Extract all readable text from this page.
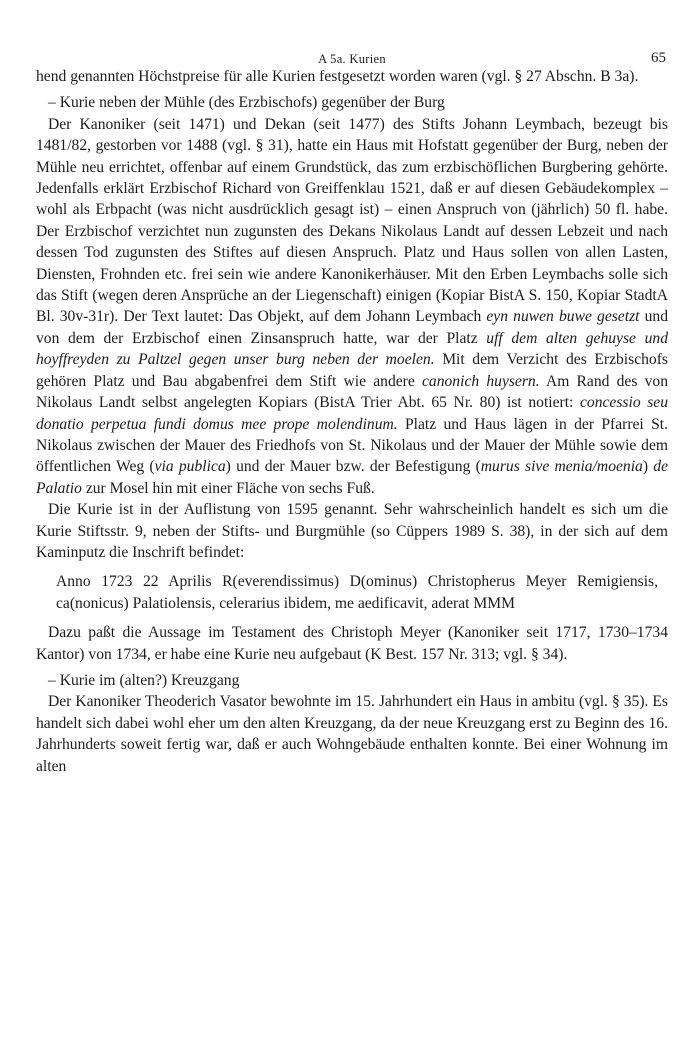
A 5a. Kurien	65

hend genannten Höchstpreise für alle Kurien festgesetzt worden waren (vgl. § 27 Abschn. B 3a).

– Kurie neben der Mühle (des Erzbischofs) gegenüber der Burg

Der Kanoniker (seit 1471) und Dekan (seit 1477) des Stifts Johann Leymbach, bezeugt bis 1481/82, gestorben vor 1488 (vgl. § 31), hatte ein Haus mit Hofstatt gegenüber der Burg, neben der Mühle neu errichtet, offenbar auf einem Grundstück, das zum erzbischöflichen Burgbering gehörte. Jedenfalls erklärt Erzbischof Richard von Greiffenklau 1521, daß er auf diesen Gebäudekomplex – wohl als Erbpacht (was nicht ausdrücklich gesagt ist) – einen Anspruch von (jährlich) 50 fl. habe. Der Erzbischof verzichtet nun zugunsten des Dekans Nikolaus Landt auf dessen Lebzeit und nach dessen Tod zugunsten des Stiftes auf diesen Anspruch. Platz und Haus sollen von allen Lasten, Diensten, Frohnden etc. frei sein wie andere Kanonikerhäuser. Mit den Erben Leymbachs solle sich das Stift (wegen deren Ansprüche an der Liegenschaft) einigen (Kopiar BistA S. 150, Kopiar StadtA Bl. 30v-31r). Der Text lautet: Das Objekt, auf dem Johann Leymbach eyn nuwen buwe gesetzt und von dem der Erzbischof einen Zinsanspruch hatte, war der Platz uff dem alten gehuyse und hoyffreyden zu Paltzel gegen unser burg neben der moelen. Mit dem Verzicht des Erzbischofs gehören Platz und Bau abgabenfrei dem Stift wie andere canonich huysern. Am Rand des von Nikolaus Landt selbst angelegten Kopiars (BistA Trier Abt. 65 Nr. 80) ist notiert: concessio seu donatio perpetua fundi domus mee prope molendinum. Platz und Haus lägen in der Pfarrei St. Nikolaus zwischen der Mauer des Friedhofs von St. Nikolaus und der Mauer der Mühle sowie dem öffentlichen Weg (via publica) und der Mauer bzw. der Befestigung (murus sive menia/moenia) de Palatio zur Mosel hin mit einer Fläche von sechs Fuß.

Die Kurie ist in der Auflistung von 1595 genannt. Sehr wahrscheinlich handelt es sich um die Kurie Stiftsstr. 9, neben der Stifts- und Burgmühle (so Cüppers 1989 S. 38), in der sich auf dem Kaminputz die Inschrift befindet:

Anno 1723 22 Aprilis R(everendissimus) D(ominus) Christopherus Meyer Remigiensis, ca(nonicus) Palatiolensis, celerarius ibidem, me aedificavit, aderat MMM

Dazu paßt die Aussage im Testament des Christoph Meyer (Kanoniker seit 1717, 1730–1734 Kantor) von 1734, er habe eine Kurie neu aufgebaut (K Best. 157 Nr. 313; vgl. § 34).

– Kurie im (alten?) Kreuzgang

Der Kanoniker Theoderich Vasator bewohnte im 15. Jahrhundert ein Haus in ambitu (vgl. § 35). Es handelt sich dabei wohl eher um den alten Kreuzgang, da der neue Kreuzgang erst zu Beginn des 16. Jahrhunderts soweit fertig war, daß er auch Wohngebäude enthalten konnte. Bei einer Wohnung im alten
